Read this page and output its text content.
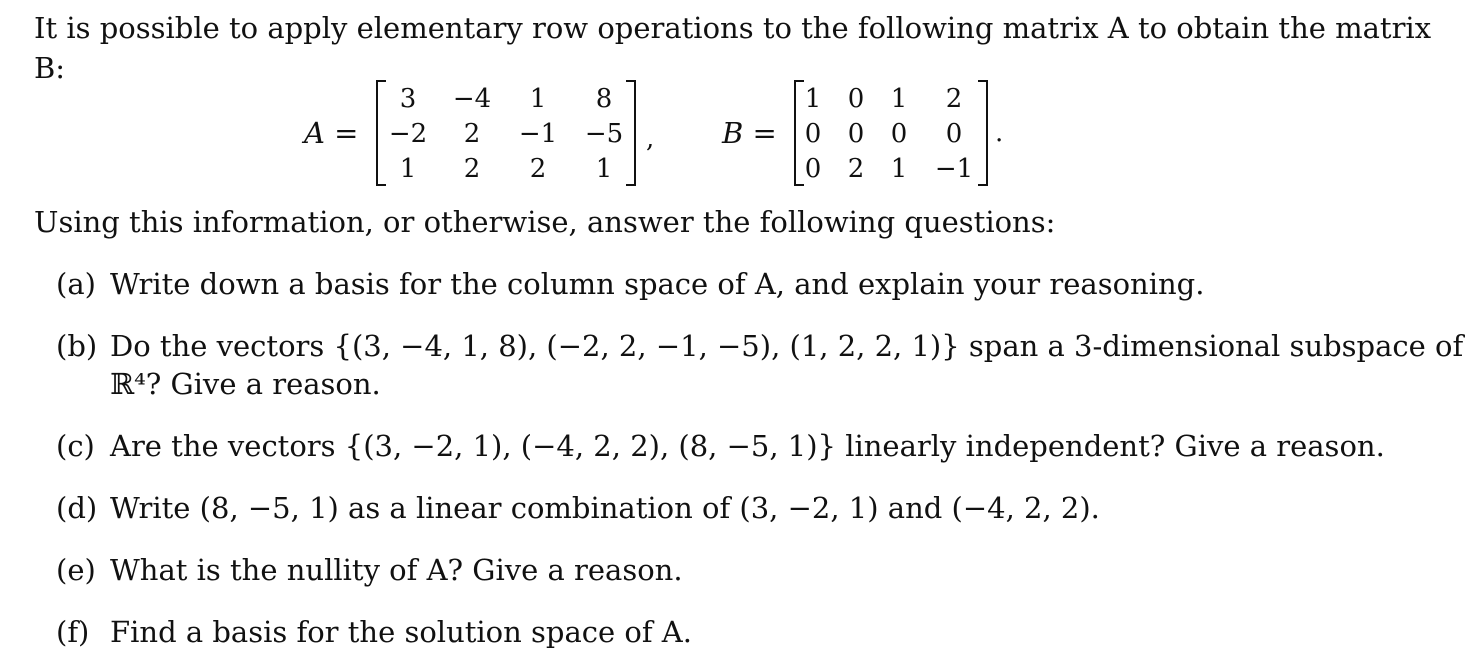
It is possible to apply elementary row operations to the following matrix A to obtain the matrix
B:
A =
3	−4	1	8
−2	2	−1	−5
1	2	2	1
, B =
1	0	1	2
0	0	0	0
0	2	1	−1
.
Using this information, or otherwise, answer the following questions:
(a) Write down a basis for the column space of A, and explain your reasoning.
(b) Do the vectors {(3, −4, 1, 8), (−2, 2, −1, −5), (1, 2, 2, 1)} span a 3-dimensional subspace of
ℝ⁴? Give a reason.
(c) Are the vectors {(3, −2, 1), (−4, 2, 2), (8, −5, 1)} linearly independent? Give a reason.
(d) Write (8, −5, 1) as a linear combination of (3, −2, 1) and (−4, 2, 2).
(e) What is the nullity of A? Give a reason.
(f) Find a basis for the solution space of A.
